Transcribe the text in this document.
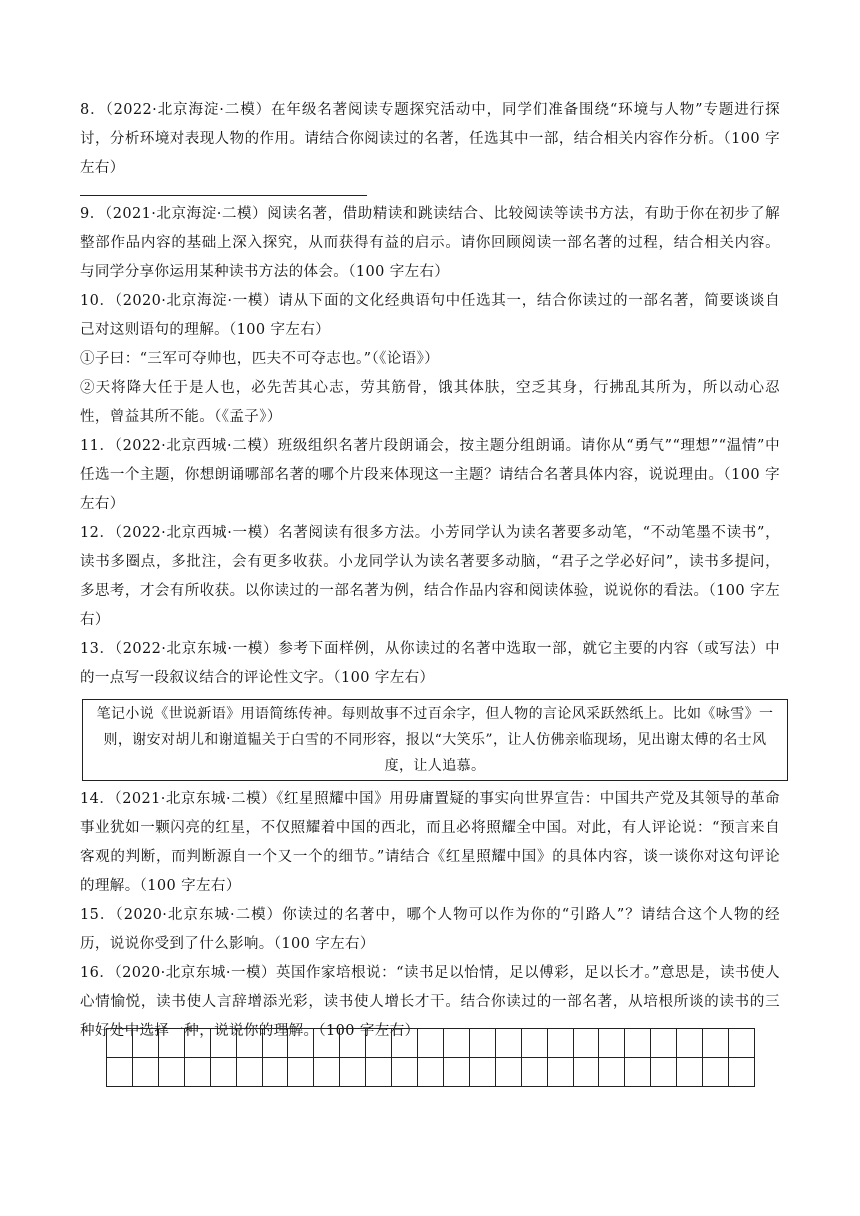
8．（2022·北京海淀·二模）在年级名著阅读专题探究活动中，同学们准备围绕“环境与人物”专题进行探讨，分析环境对表现人物的作用。请结合你阅读过的名著，任选其中一部，结合相关内容作分析。（100 字左右）

9．（2021·北京海淀·二模）阅读名著，借助精读和跳读结合、比较阅读等读书方法，有助于你在初步了解整部作品内容的基础上深入探究，从而获得有益的启示。请你回顾阅读一部名著的过程，结合相关内容。与同学分享你运用某种读书方法的体会。（100 字左右）

10．（2020·北京海淀·一模）请从下面的文化经典语句中任选其一，结合你读过的一部名著，简要谈谈自己对这则语句的理解。（100 字左右）

①子曰：“三军可夺帅也，匹夫不可夺志也。”（《论语》）

②天将降大任于是人也，必先苦其心志，劳其筋骨，饿其体肤，空乏其身，行拂乱其所为，所以动心忍性，曾益其所不能。（《孟子》）

11．（2022·北京西城·二模）班级组织名著片段朗诵会，按主题分组朗诵。请你从“勇气”“理想”“温情”中任选一个主题，你想朗诵哪部名著的哪个片段来体现这一主题？请结合名著具体内容，说说理由。（100 字左右）

12．（2022·北京西城·一模）名著阅读有很多方法。小芳同学认为读名著要多动笔，“不动笔墨不读书”，读书多圈点，多批注，会有更多收获。小龙同学认为读名著要多动脑，“君子之学必好问”，读书多提问，多思考，才会有所收获。以你读过的一部名著为例，结合作品内容和阅读体验，说说你的看法。（100 字左右）

13．（2022·北京东城·一模）参考下面样例，从你读过的名著中选取一部，就它主要的内容（或写法）中的一点写一段叙议结合的评论性文字。（100 字左右）

笔记小说《世说新语》用语简练传神。每则故事不过百余字，但人物的言论风采跃然纸上。比如《咏雪》一则，谢安对胡儿和谢道韫关于白雪的不同形容，报以“大笑乐”，让人仿佛亲临现场，见出谢太傅的名士风度，让人追慕。

14．（2021·北京东城·二模）《红星照耀中国》用毋庸置疑的事实向世界宣告：中国共产党及其领导的革命事业犹如一颗闪亮的红星，不仅照耀着中国的西北，而且必将照耀全中国。对此，有人评论说：“预言来自客观的判断，而判断源自一个又一个的细节。”请结合《红星照耀中国》的具体内容，谈一谈你对这句评论的理解。（100 字左右）

15．（2020·北京东城·二模）你读过的名著中，哪个人物可以作为你的“引路人”？请结合这个人物的经历，说说你受到了什么影响。（100 字左右）

16．（2020·北京东城·一模）英国作家培根说：“读书足以怡情，足以傅彩，足以长才。”意思是，读书使人心情愉悦，读书使人言辞增添光彩，读书使人增长才干。结合你读过的一部名著，从培根所谈的读书的三种好处中选择一种，说说你的理解。（100 字左右）
